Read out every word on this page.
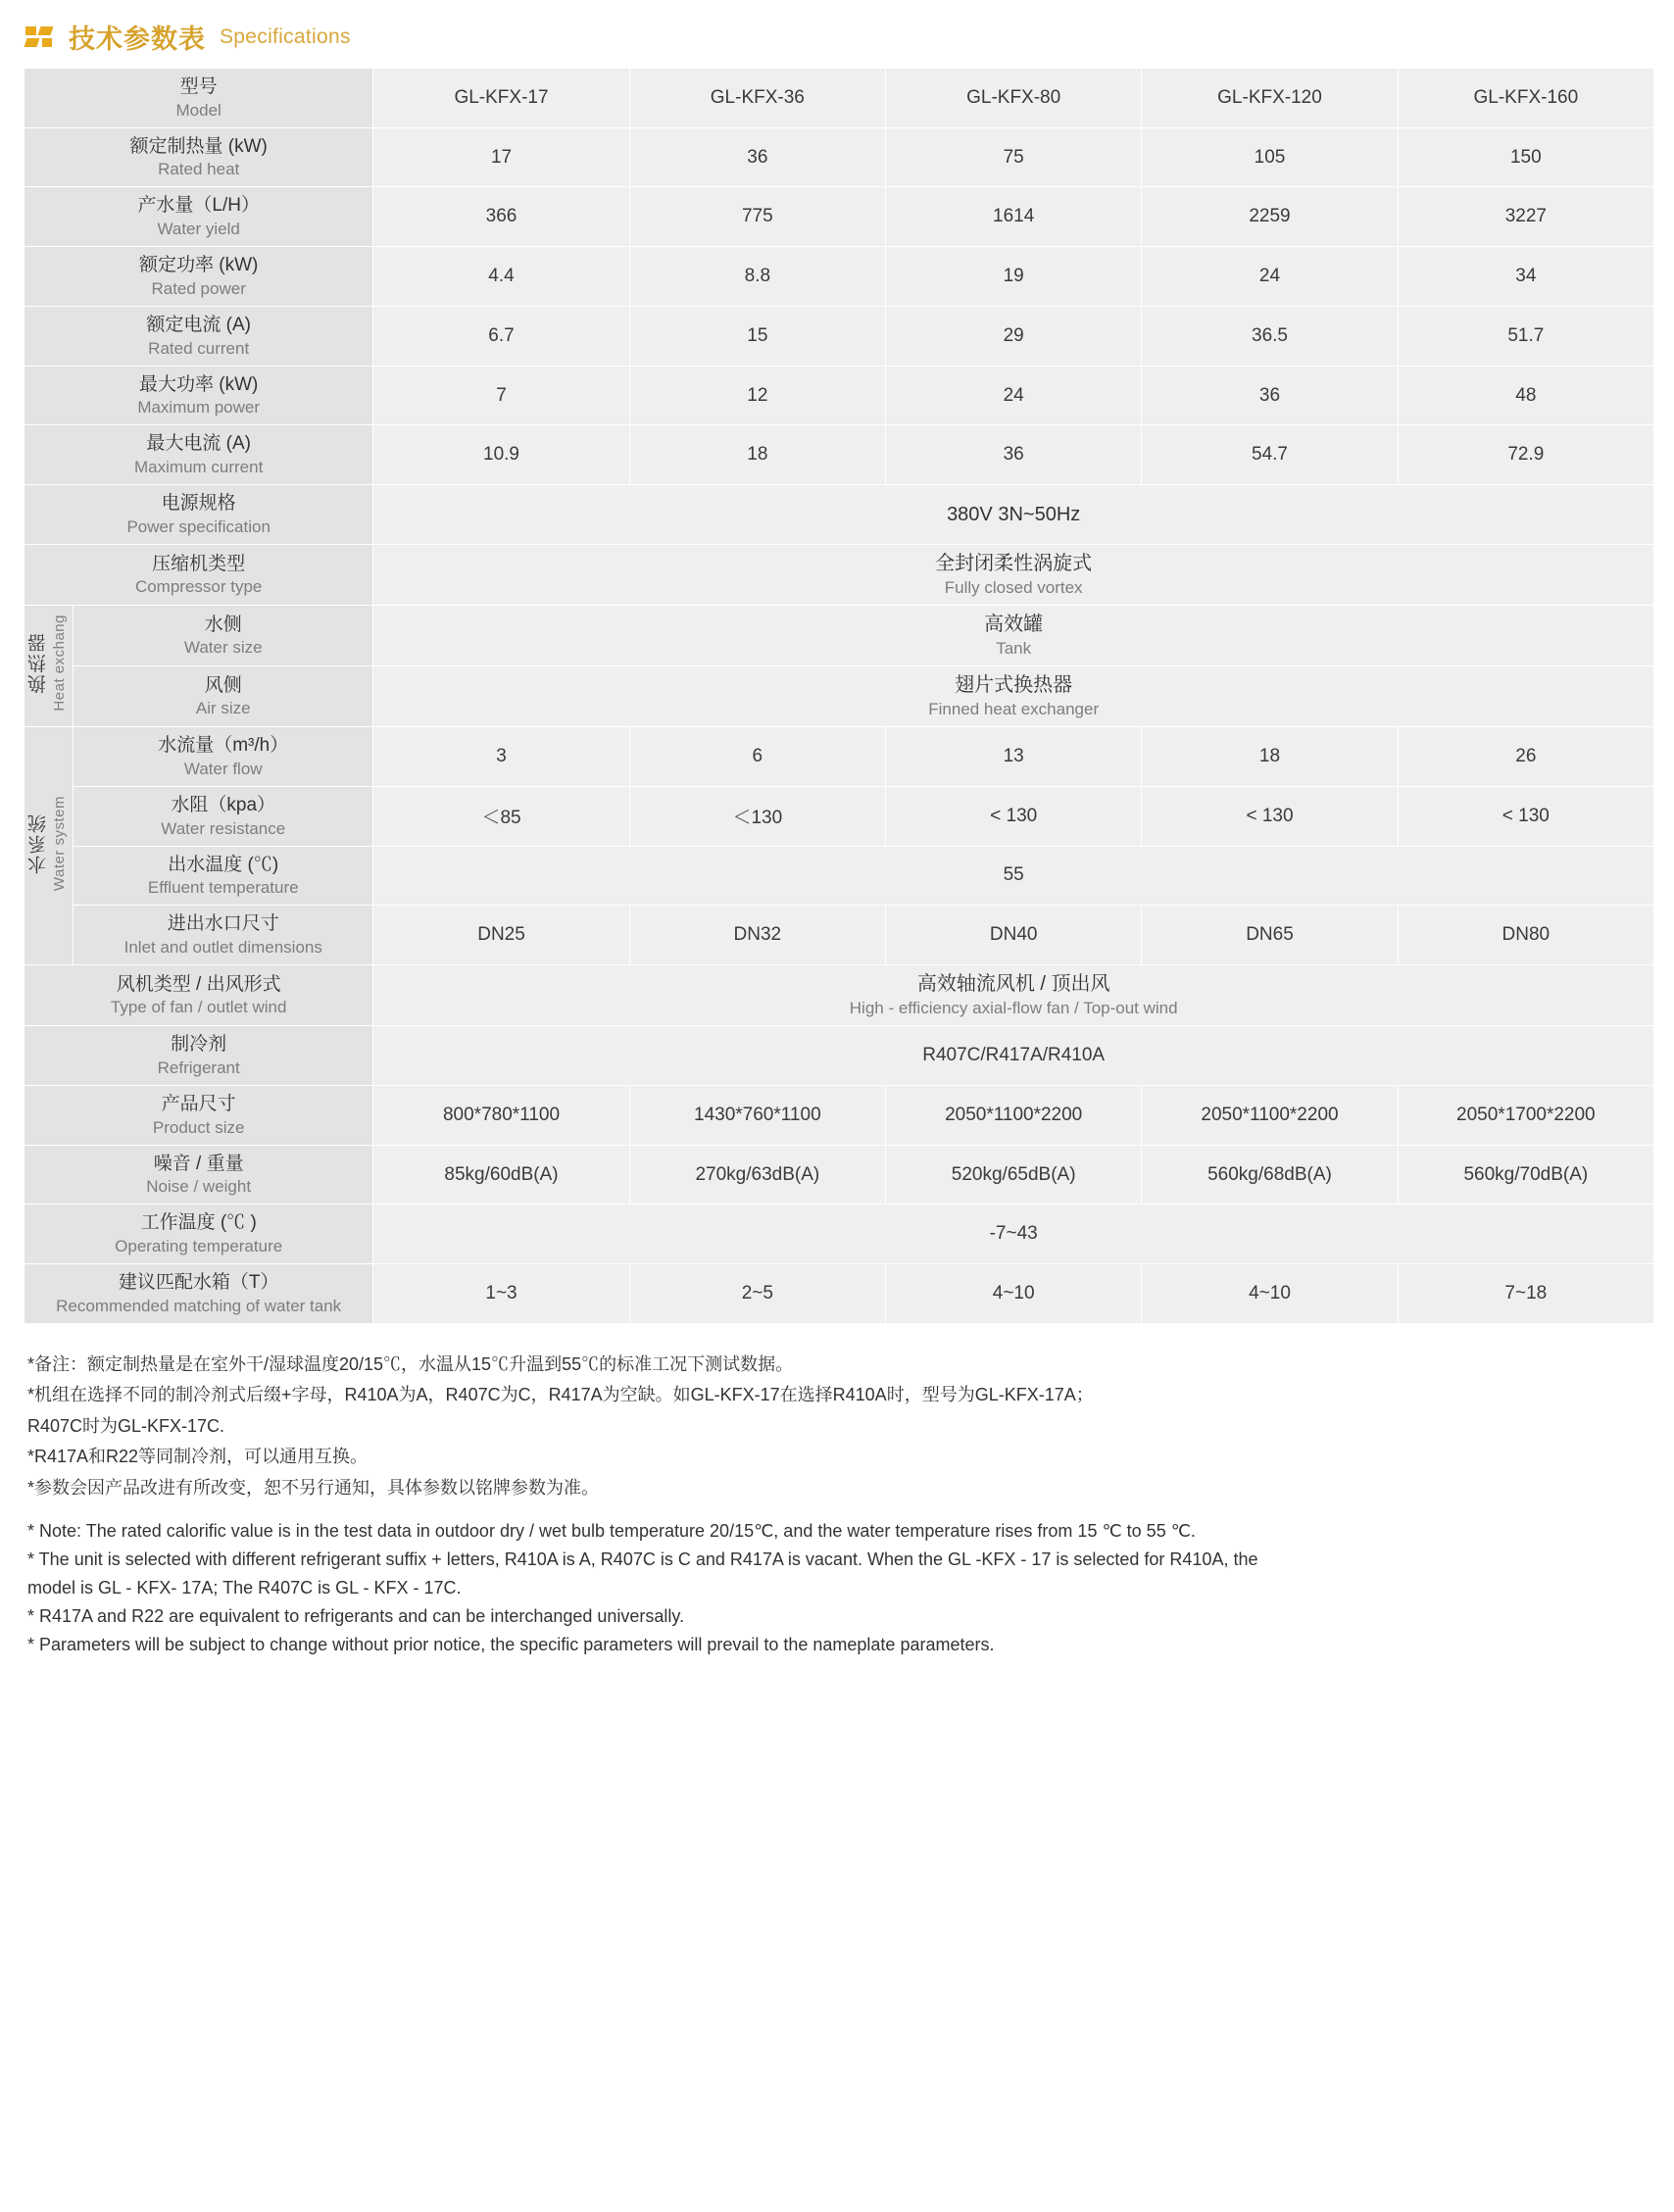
技术参数表 Specifications
型号
Model		GL-KFX-17	GL-KFX-36	GL-KFX-80	GL-KFX-120	GL-KFX-160

额定制热量 (kW)
Rated heat		17	36	75	105	150

产水量（L/H）
Water yield		366	775	1614	2259	3227

额定功率 (kW)
Rated power		4.4	8.8	19	24	34

额定电流 (A)
Rated current		6.7	15	29	36.5	51.7

最大功率 (kW)
Maximum power		7	12	24	36	48

最大电流 (A)
Maximum current		10.9	18	36	54.7	72.9

电源规格
Power specification		380V 3N~50Hz				

压缩机类型
Compressor type		全封闭柔性涡旋式
Fully closed vortex				

换热器 Heat exchang	水侧
Water size	高效罐
Tank				

	风侧
Air size	翅片式换热器
Finned heat exchanger				

水系统 Water system	水流量（m³/h）
Water flow	3	6	13	18	26

	水阻（kpa）
Water resistance	＜85	＜130	< 130	< 130	< 130

	出水温度 (℃)
Effluent temperature	55				

	进出水口尺寸
Inlet and outlet dimensions	DN25	DN32	DN40	DN65	DN80

风机类型 / 出风形式
Type of fan / outlet wind		高效轴流风机 / 顶出风
High - efficiency axial-flow fan / Top-out wind				

制冷剂
Refrigerant		R407C/R417A/R410A				

产品尺寸
Product size		800*780*1100	1430*760*1100	2050*1100*2200	2050*1100*2200	2050*1700*2200

噪音 / 重量
Noise / weight		85kg/60dB(A)	270kg/63dB(A)	520kg/65dB(A)	560kg/68dB(A)	560kg/70dB(A)

工作温度 (℃ )
Operating temperature		-7~43				

建议匹配水箱（T）
Recommended matching of water tank		1~3	2~5	4~10	4~10	7~18

*备注：额定制热量是在室外干/湿球温度20/15℃，水温从15℃升温到55℃的标准工况下测试数据。

*机组在选择不同的制冷剂式后缀+字母，R410A为A，R407C为C，R417A为空缺。如GL-KFX-17在选择R410A时，型号为GL-KFX-17A；

R407C时为GL-KFX-17C.

*R417A和R22等同制冷剂，可以通用互换。

*参数会因产品改进有所改变，恕不另行通知，具体参数以铭牌参数为准。

* Note: The rated calorific value is in the test data in outdoor dry / wet bulb temperature 20/15℃, and the water temperature rises from 15 ℃ to 55 ℃.

* The unit is selected with different refrigerant suffix + letters, R410A is A, R407C is C and R417A is vacant. When the GL -KFX - 17 is selected for R410A, the

model is GL - KFX- 17A; The R407C is GL - KFX - 17C.

* R417A and R22 are equivalent to refrigerants and can be interchanged universally.

* Parameters will be subject to change without prior notice, the specific parameters will prevail to the nameplate parameters.
